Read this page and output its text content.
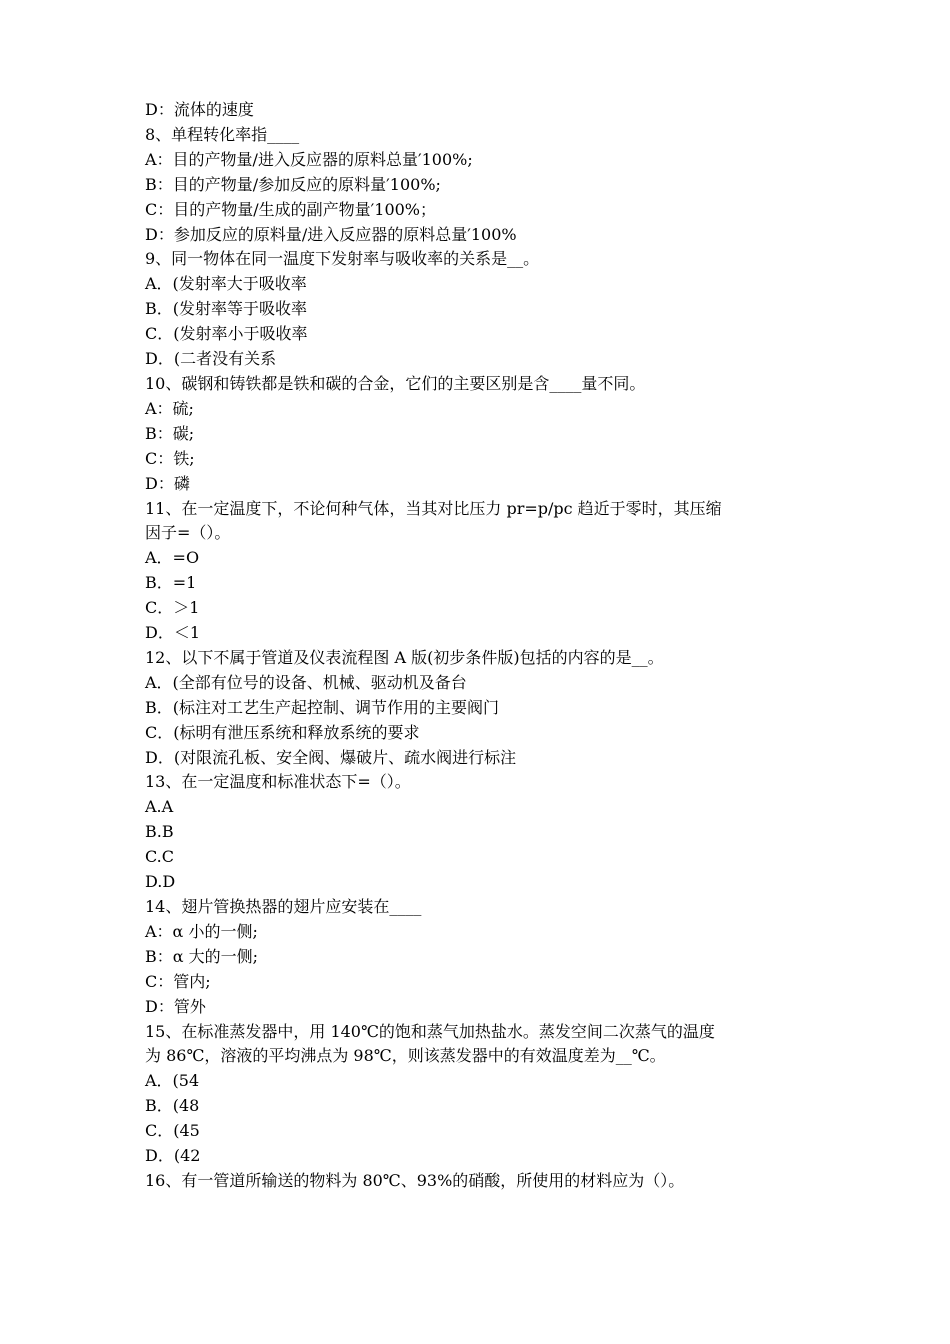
D：流体的速度

8、单程转化率指____

A：目的产物量/进入反应器的原料总量′100%;

B：目的产物量/参加反应的原料量′100%;

C：目的产物量/生成的副产物量′100%；

D：参加反应的原料量/进入反应器的原料总量′100%

9、同一物体在同一温度下发射率与吸收率的关系是__。

A．(发射率大于吸收率

B．(发射率等于吸收率

C．(发射率小于吸收率

D．(二者没有关系

10、碳钢和铸铁都是铁和碳的合金，它们的主要区别是含____量不同。

A：硫;

B：碳;

C：铁;

D：磷

11、在一定温度下，不论何种气体，当其对比压力 pr=p/pc 趋近于零时，其压缩

因子=（）。

A．=O

B．=1

C．＞1

D．＜1

12、以下不属于管道及仪表流程图 A 版(初步条件版)包括的内容的是__。

A．(全部有位号的设备、机械、驱动机及备台

B．(标注对工艺生产起控制、调节作用的主要阀门

C．(标明有泄压系统和释放系统的要求

D．(对限流孔板、安全阀、爆破片、疏水阀进行标注

13、在一定温度和标准状态下=（）。

A.A

B.B

C.C

D.D

14、翅片管换热器的翅片应安装在____

A：α 小的一侧;

B：α 大的一侧;

C：管内;

D：管外

15、在标准蒸发器中，用 140℃的饱和蒸气加热盐水。蒸发空间二次蒸气的温度

为 86℃，溶液的平均沸点为 98℃，则该蒸发器中的有效温度差为__℃。

A．(54

B．(48

C．(45

D．(42

16、有一管道所输送的物料为 80℃、93%的硝酸，所使用的材料应为（）。
